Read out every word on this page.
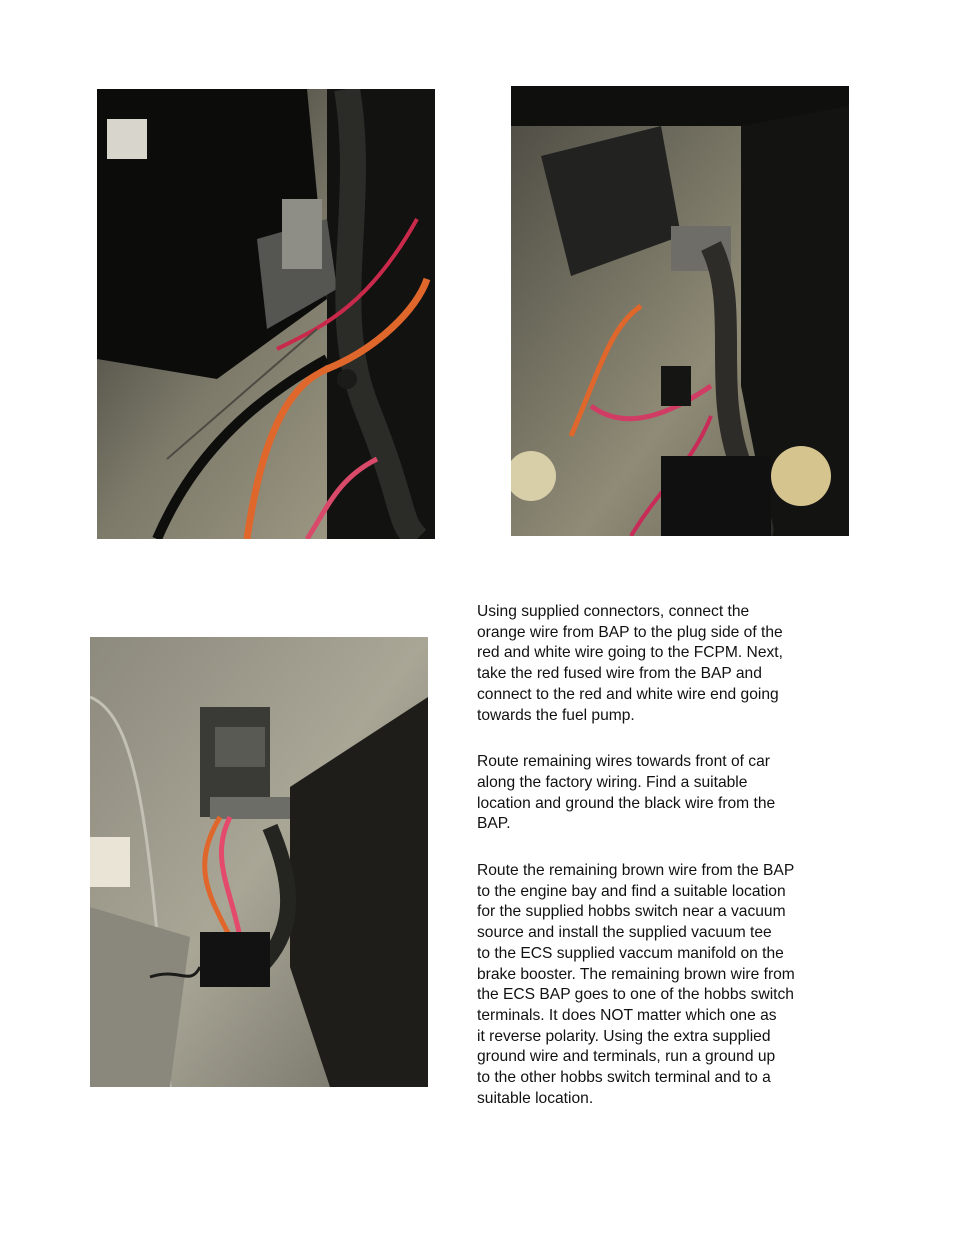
Using supplied connectors, connect the
orange wire from BAP to the plug side of the
red and white wire going to the FCPM. Next,
take the red fused wire from the BAP and
connect to the red and white wire end going
towards the fuel pump.

Route remaining wires towards front of car
along the factory wiring. Find a suitable
location and ground the black wire from the
BAP.

Route the remaining brown wire from the BAP
to the engine bay and find a suitable location
for the supplied hobbs switch near a vacuum
source and install the supplied vacuum tee
to the ECS supplied vaccum manifold on the
brake booster. The remaining brown wire from
the ECS BAP goes to one of the hobbs switch
terminals. It does NOT matter which one as
it reverse polarity. Using the extra supplied
ground wire and terminals, run a ground up
to the other hobbs switch terminal and to a
suitable location.
